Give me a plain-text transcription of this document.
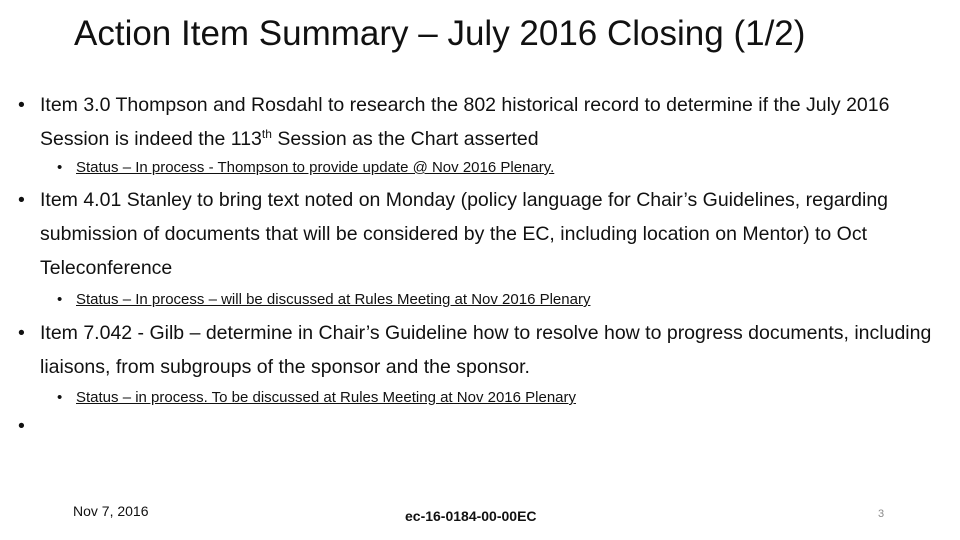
Action Item Summary – July 2016 Closing (1/2)
• Item 3.0 Thompson and Rosdahl to research the 802 historical record to determine if the July 2016 Session is indeed the 113th Session as the Chart asserted
• Status – In process - Thompson to provide update @ Nov 2016 Plenary.
• Item 4.01 Stanley to bring text noted on Monday (policy language for Chair’s Guidelines, regarding submission of documents that will be considered by the EC, including location on Mentor) to Oct Teleconference
• Status – In process – will be discussed at Rules Meeting at Nov 2016 Plenary
• Item 7.042 - Gilb – determine in Chair’s Guideline how to resolve how to progress documents, including liaisons, from subgroups of the sponsor and the sponsor.
• Status – in process. To be discussed at Rules Meeting at Nov 2016 Plenary
•
Nov 7, 2016	ec-16-0184-00-00EC	3
